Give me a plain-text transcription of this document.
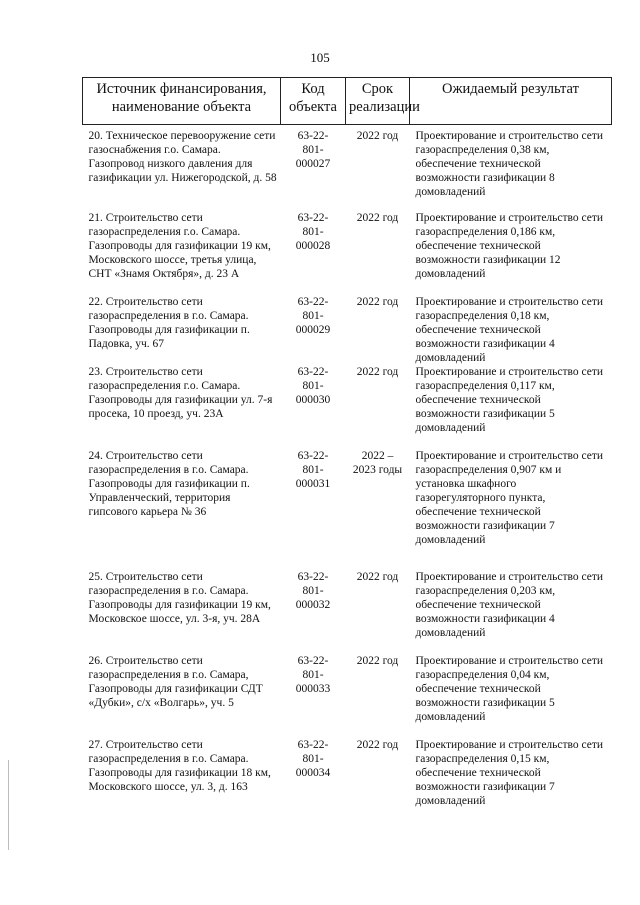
105
Источник финансирования, наименование объекта	Код объекта	Срок реализации	Ожидаемый результат
20. Техническое перевооружение сети газоснабжения г.о. Самара. Газопровод низкого давления для газификации ул. Нижегородской, д. 58	63-22-
801-
000027	2022 год	Проектирование и строительство сети газораспределения 0,38 км, обеспечение технической возможности газификации 8 домовладений
21. Строительство сети газораспределения г.о. Самара. Газопроводы для газификации 19 км, Московского шоссе, третья улица, СНТ «Знамя Октября», д. 23 А	63-22-
801-
000028	2022 год	Проектирование и строительство сети газораспределения 0,186 км, обеспечение технической возможности газификации 12 домовладений
22. Строительство сети газораспределения в г.о. Самара. Газопроводы для газификации п. Падовка, уч. 67	63-22-
801-
000029	2022 год	Проектирование и строительство сети газораспределения 0,18 км, обеспечение технической возможности газификации 4 домовладений
23. Строительство сети газораспределения г.о. Самара. Газопроводы для газификации ул. 7-я просека, 10 проезд, уч. 23А	63-22-
801-
000030	2022 год	Проектирование и строительство сети газораспределения 0,117 км, обеспечение технической возможности газификации 5 домовладений
24. Строительство сети газораспределения в г.о. Самара. Газопроводы для газификации п. Управленческий, территория гипсового карьера № 36	63-22-
801-
000031	2022 – 2023 годы	Проектирование и строительство сети газораспределения 0,907 км и установка шкафного газорегуляторного пункта, обеспечение технической возможности газификации 7 домовладений
25. Строительство сети газораспределения в г.о. Самара. Газопроводы для газификации 19 км, Московское шоссе, ул. 3-я, уч. 28А	63-22-
801-
000032	2022 год	Проектирование и строительство сети газораспределения 0,203 км, обеспечение технической возможности газификации 4 домовладений
26. Строительство сети газораспределения в г.о. Самара, Газопроводы для газификации СДТ «Дубки», с/х «Волгарь», уч. 5	63-22-
801-
000033	2022 год	Проектирование и строительство сети газораспределения 0,04 км, обеспечение технической возможности газификации 5 домовладений
27. Строительство сети газораспределения в г.о. Самара. Газопроводы для газификации 18 км, Московского шоссе, ул. 3, д. 163	63-22-
801-
000034	2022 год	Проектирование и строительство сети газораспределения 0,15 км, обеспечение технической возможности газификации 7 домовладений
